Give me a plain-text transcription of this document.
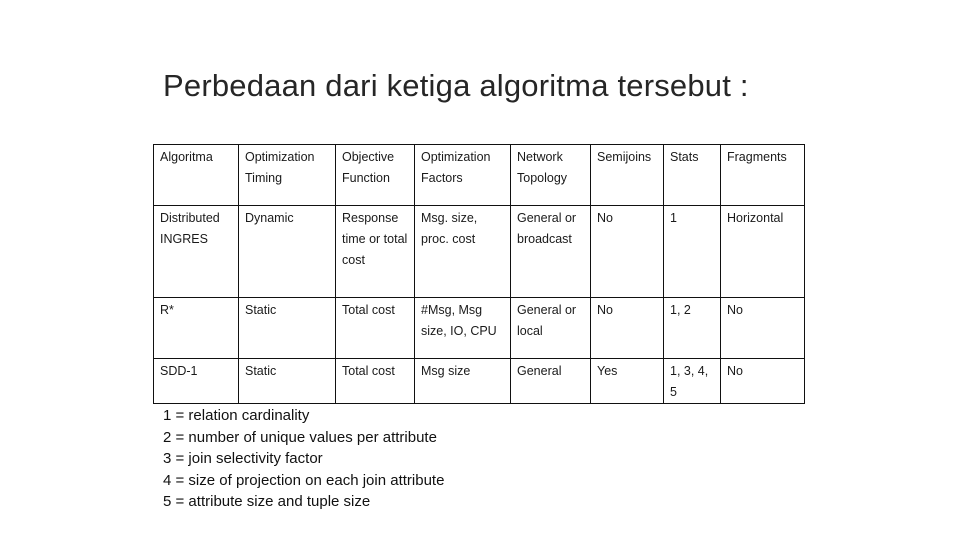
Perbedaan dari ketiga algoritma tersebut :
Algoritma	Optimization Timing	Objective Function	Optimization Factors	Network Topology	Semijoins	Stats	Fragments
Distributed INGRES	Dynamic	Response time or total cost	Msg. size, proc. cost	General or broadcast	No	1	Horizontal
R*	Static	Total cost	#Msg, Msg size, IO, CPU	General or local	No	1, 2	No
SDD-1	Static	Total cost	Msg size	General	Yes	1, 3, 4, 5	No
1 = relation cardinality
2 = number of unique values per attribute
3 = join selectivity factor
4 = size of projection on each join attribute
5 = attribute size and tuple size
